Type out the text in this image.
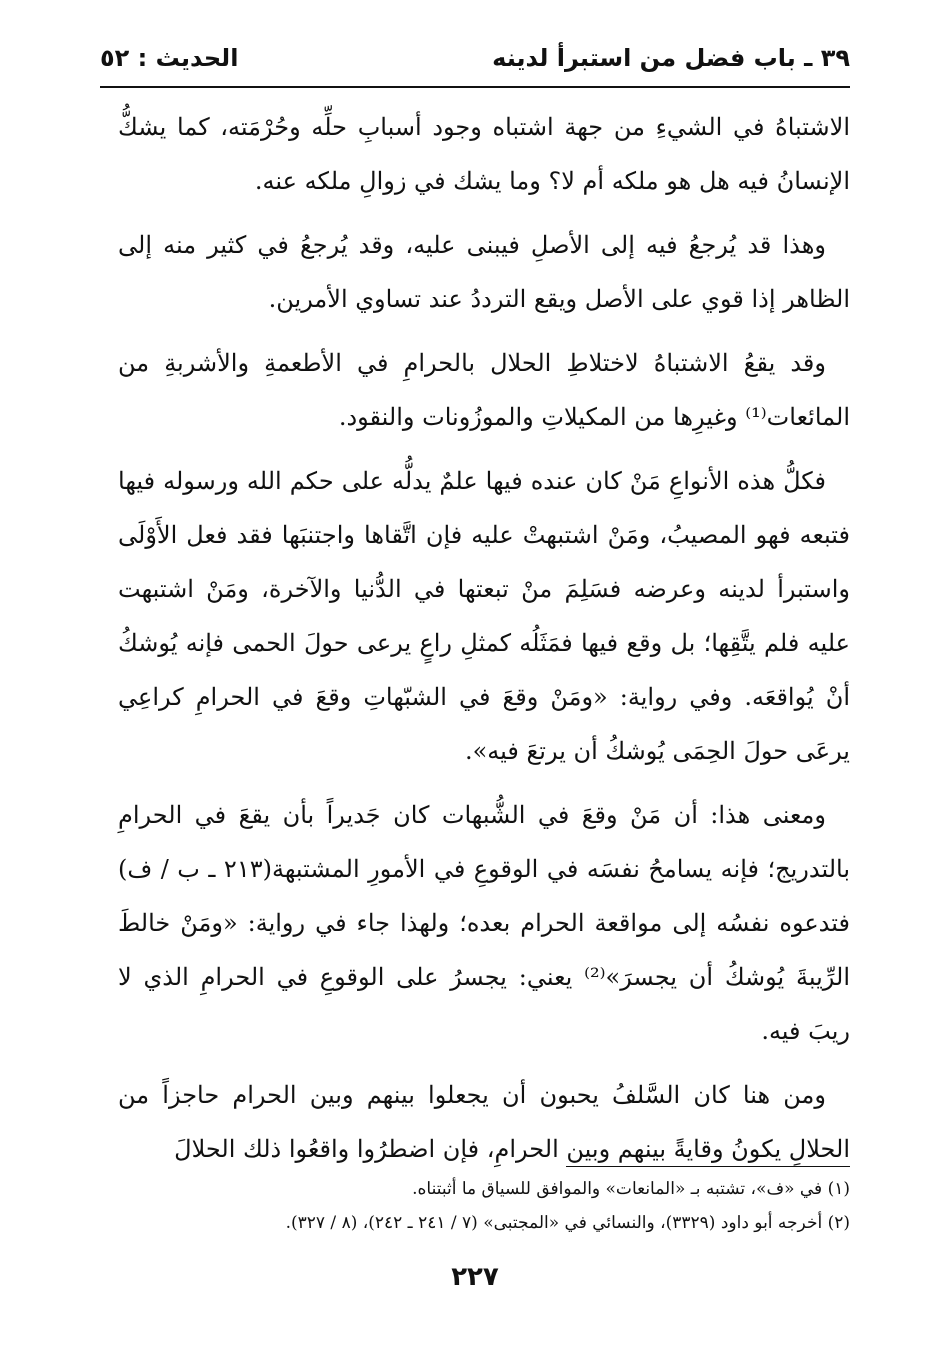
٣٩ ـ باب فضل من استبرأ لدينه
الحديث : ٥٢

الاشتباهُ في الشيءِ من جهة اشتباه وجود أسبابِ حلِّه وحُرْمَته، كما يشكُّ الإنسانُ فيه هل هو ملكه أم لا؟ وما يشك في زوالِ ملكه عنه.

وهذا قد يُرجعُ فيه إلى الأصلِ فيبنى عليه، وقد يُرجعُ في كثير منه إلى الظاهر إذا قوي على الأصل ويقع الترددُ عند تساوي الأمرين.

وقد يقعُ الاشتباهُ لاختلاطِ الحلال بالحرامِ في الأطعمةِ والأشربةِ من المائعات⁽¹⁾ وغيرِها من المكيلاتِ والموزُونات والنقود.

فكلُّ هذه الأنواعِ مَنْ كان عنده فيها علمٌ يدلُّه على حكم الله ورسوله فيها فتبعه فهو المصيبُ، ومَنْ اشتبهتْ عليه فإن اتَّقاها واجتنبَها فقد فعل الأَوْلَى واستبرأ لدينه وعرضه فسَلِمَ منْ تبعتها في الدُّنيا والآخرة، ومَنْ اشتبهت عليه فلم يتَّقِها؛ بل وقع فيها فمَثَلُه كمثلِ راعٍ يرعى حولَ الحمى فإنه يُوشكُ أنْ يُواقعَه. وفي رواية: «ومَنْ وقعَ في الشبّهاتِ وقعَ في الحرامِ كراعِي يرعَى حولَ الحِمَى يُوشكُ أن يرتعَ فيه».

ومعنى هذا: أن مَنْ وقعَ في الشُّبهات كان جَديراً بأن يقعَ في الحرامِ بالتدريج؛ فإنه يسامحُ نفسَه في الوقوعِ في الأمورِ المشتبهة(٢١٣ ـ ب / ف) فتدعوه نفسُه إلى مواقعة الحرام بعده؛ ولهذا جاء في رواية: «ومَنْ خالطَ الرِّيبةَ يُوشكُ أن يجسرَ»⁽²⁾ يعني: يجسرُ على الوقوعِ في الحرامِ الذي لا ريبَ فيه.

ومن هنا كان السَّلفُ يحبون أن يجعلوا بينهم وبين الحرام حاجزاً من الحلالِ يكونُ وقايةً بينهم وبين الحرامِ، فإن اضطرُوا واقعُوا ذلك الحلالَ

(١) في «ف»، تشتبه بـ «المانعات» والموافق للسياق ما أثبتناه.

(٢) أخرجه أبو داود (٣٣٢٩)، والنسائي في «المجتبى» (٧ / ٢٤١ ـ ٢٤٢)، (٨ / ٣٢٧).

٢٢٧
